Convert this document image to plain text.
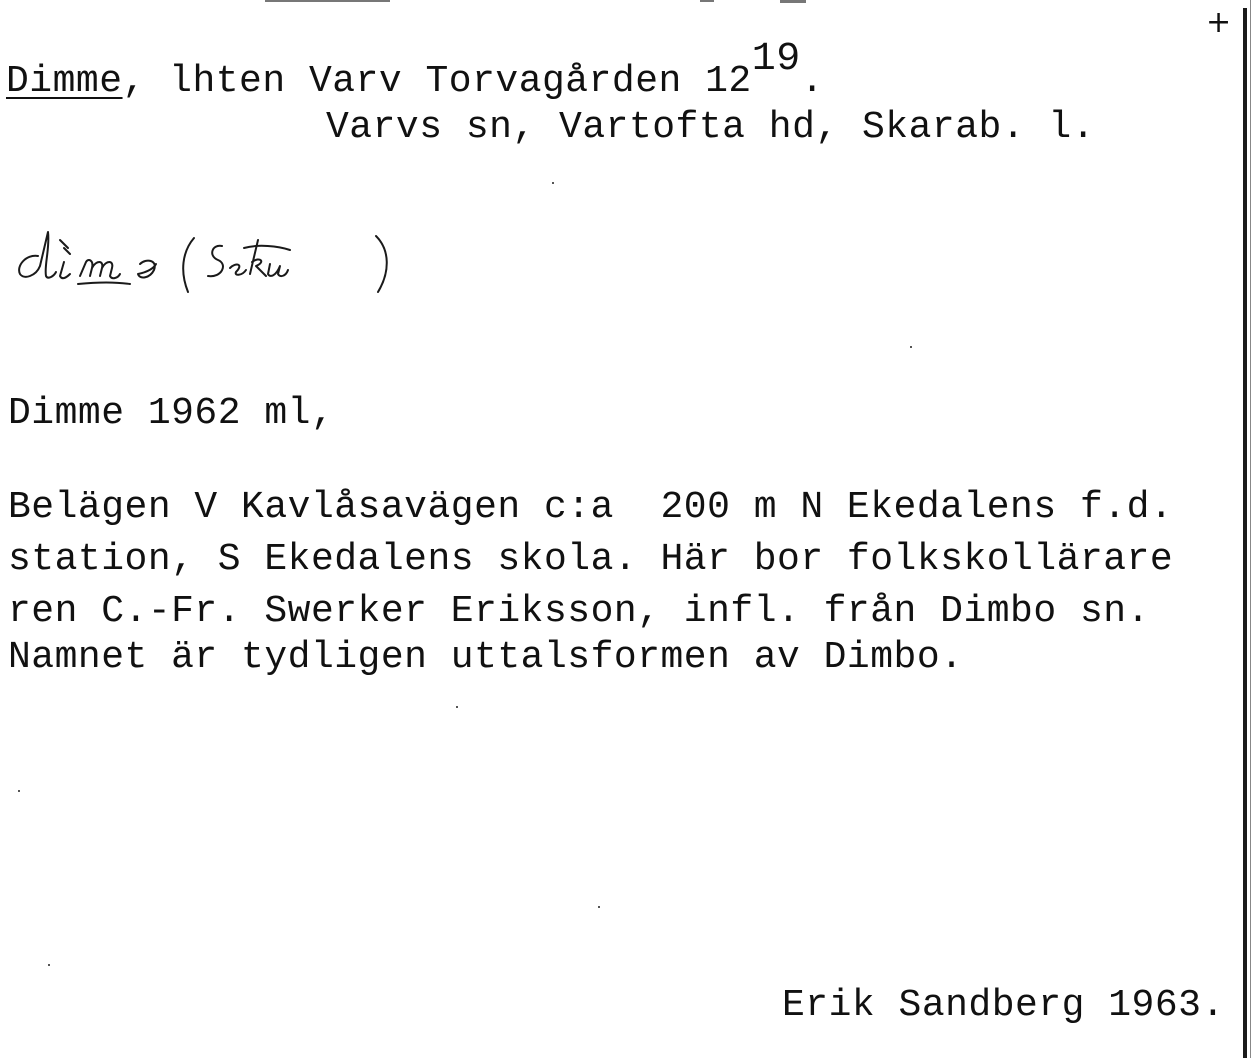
+
Dimme, lhten Varv Torvagården 1219.
Varvs sn, Vartofta hd, Skarab. l.
Dimme 1962 ml,
Belägen V Kavlåsavägen c:a  200 m N Ekedalens f.d.
station, S Ekedalens skola. Här bor folkskollärare
ren C.-Fr. Swerker Eriksson, infl. från Dimbo sn.
Namnet är tydligen uttalsformen av Dimbo.
Erik Sandberg 1963.
